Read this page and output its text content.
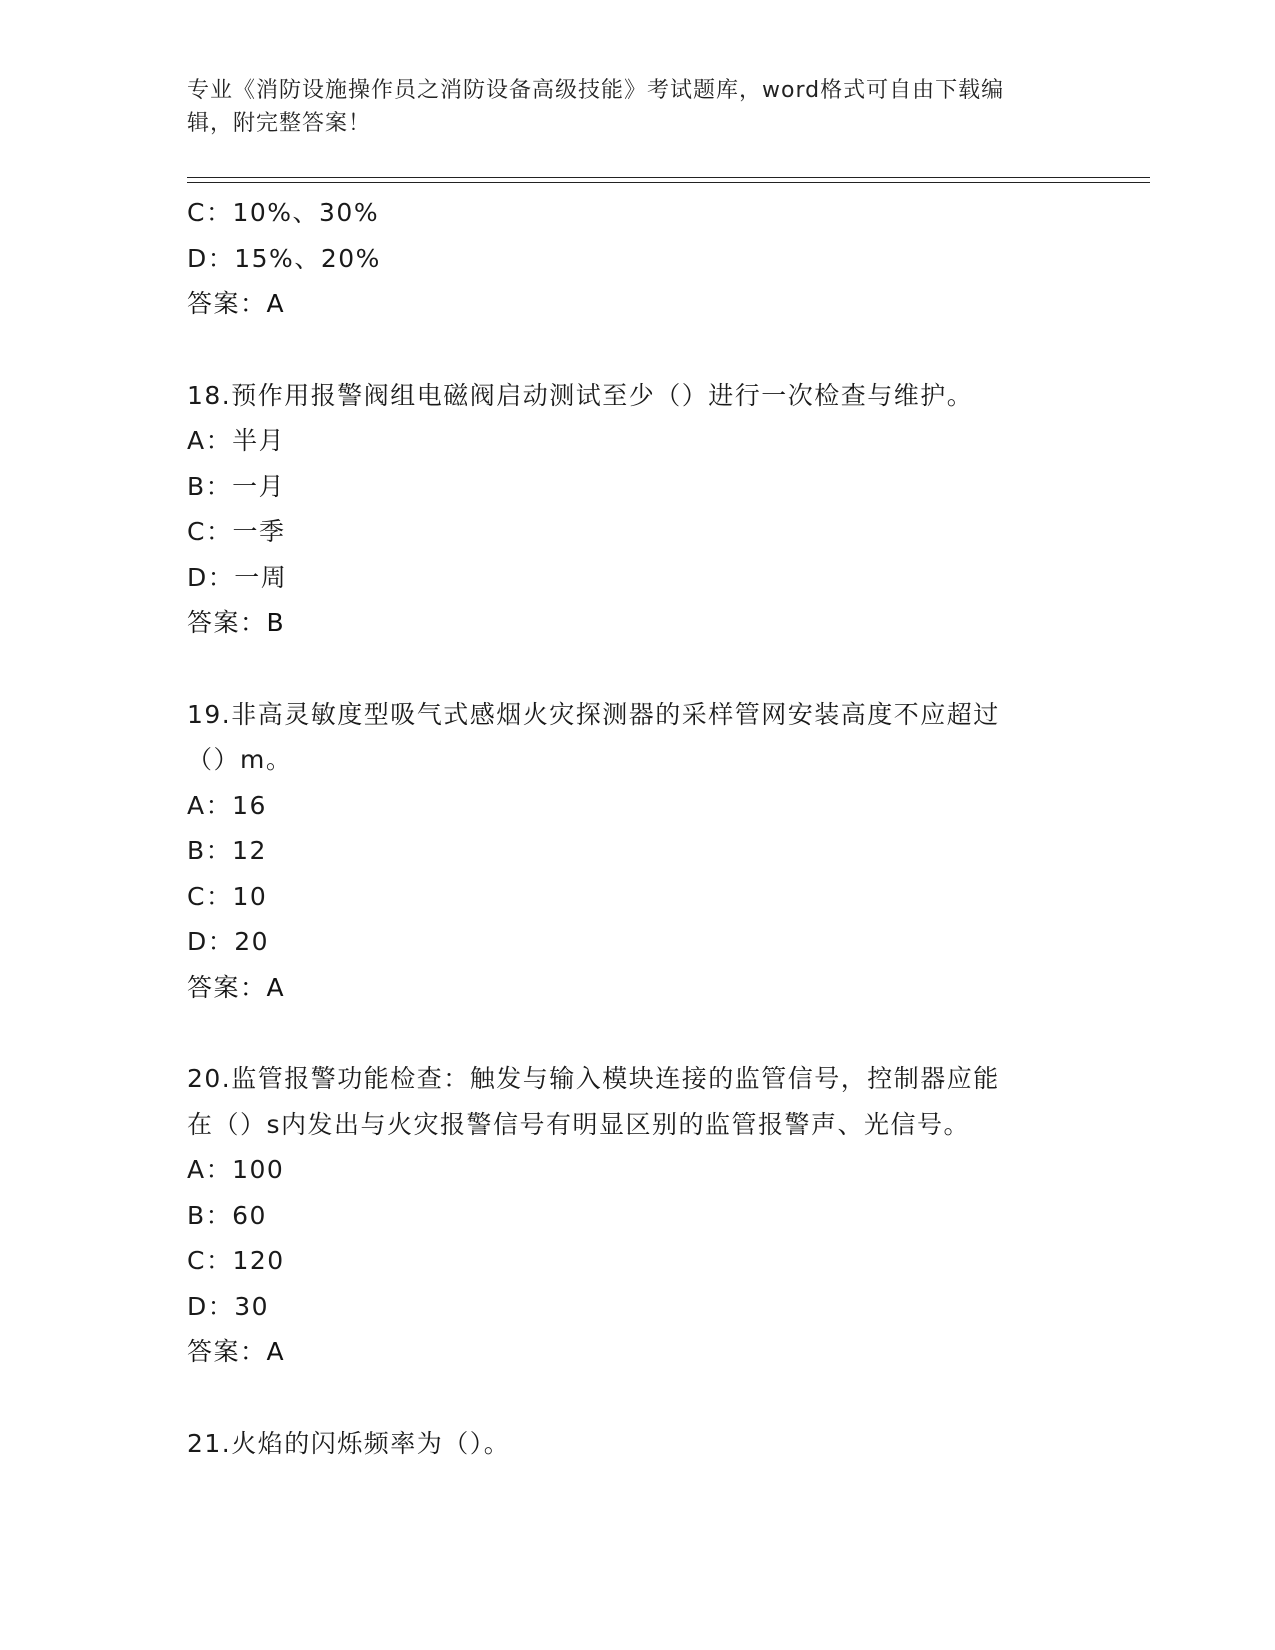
专业《消防设施操作员之消防设备高级技能》考试题库，word格式可自由下载编
辑，附完整答案！
C：10%、30%
D：15%、20%
答案：A
18.预作用报警阀组电磁阀启动测试至少（）进行一次检查与维护。
A：半月
B：一月
C：一季
D：一周
答案：B
19.非高灵敏度型吸气式感烟火灾探测器的采样管网安装高度不应超过
（）m。
A：16
B：12
C：10
D：20
答案：A
20.监管报警功能检查：触发与输入模块连接的监管信号，控制器应能
在（）s内发出与火灾报警信号有明显区别的监管报警声、光信号。
A：100
B：60
C：120
D：30
答案：A
21.火焰的闪烁频率为（）。
